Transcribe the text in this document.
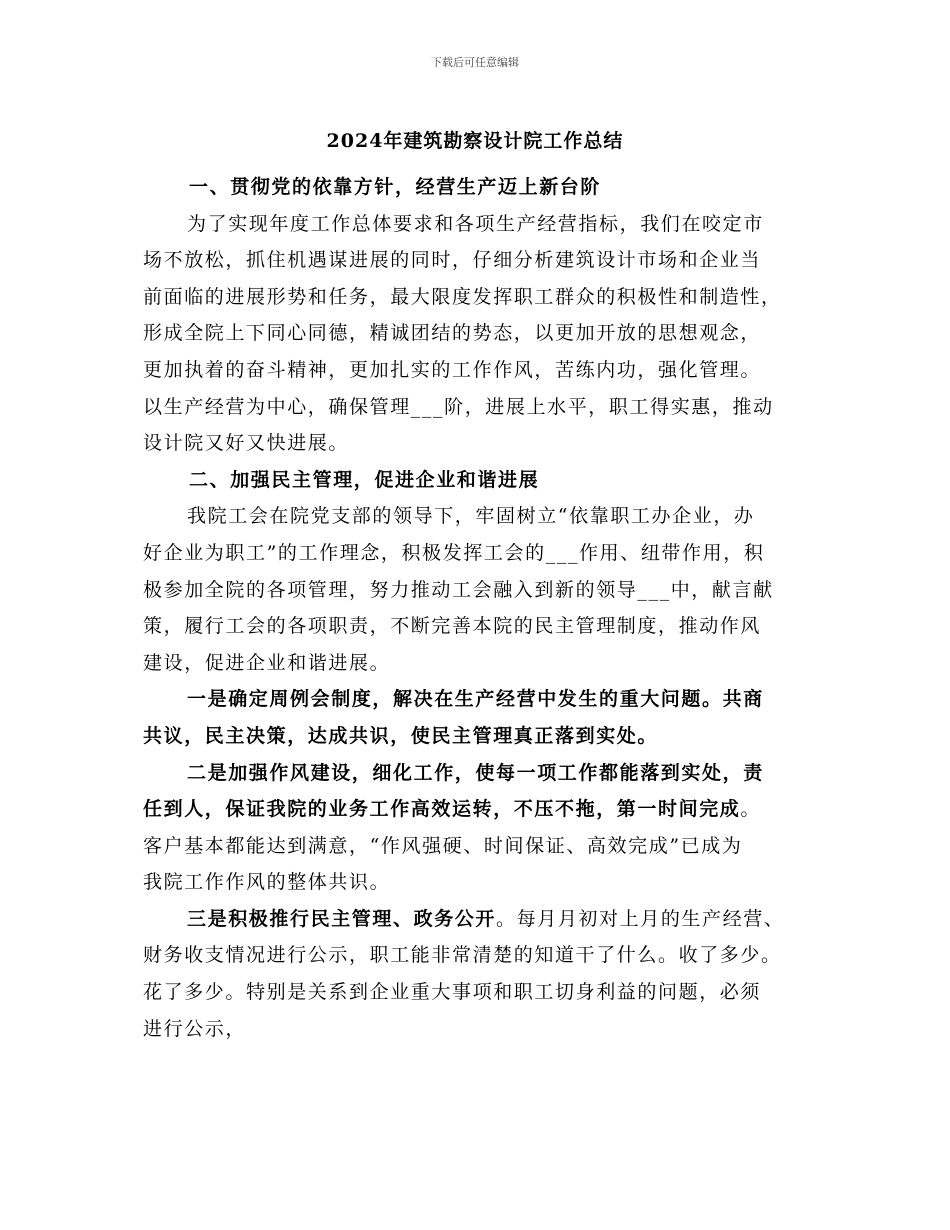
下载后可任意编辑
2024年建筑勘察设计院工作总结
一、贯彻党的依靠方针，经营生产迈上新台阶
为了实现年度工作总体要求和各项生产经营指标，我们在咬定市
场不放松，抓住机遇谋进展的同时，仔细分析建筑设计市场和企业当
前面临的进展形势和任务，最大限度发挥职工群众的积极性和制造性，
形成全院上下同心同德，精诚团结的势态，以更加开放的思想观念，
更加执着的奋斗精神，更加扎实的工作作风，苦练内功，强化管理。
以生产经营为中心，确保管理___阶，进展上水平，职工得实惠，推动
设计院又好又快进展。
二、加强民主管理，促进企业和谐进展
我院工会在院党支部的领导下，牢固树立“依靠职工办企业，办
好企业为职工”的工作理念，积极发挥工会的___作用、纽带作用，积
极参加全院的各项管理，努力推动工会融入到新的领导___中，献言献
策，履行工会的各项职责，不断完善本院的民主管理制度，推动作风
建设，促进企业和谐进展。
一是确定周例会制度，解决在生产经营中发生的重大问题。共商
共议，民主决策，达成共识，使民主管理真正落到实处。
二是加强作风建设，细化工作，使每一项工作都能落到实处，责
任到人，保证我院的业务工作高效运转，不压不拖，第一时间完成。
客户基本都能达到满意，“作风强硬、时间保证、高效完成”已成为
我院工作作风的整体共识。
三是积极推行民主管理、政务公开。每月月初对上月的生产经营、
财务收支情况进行公示，职工能非常清楚的知道干了什么。收了多少。
花了多少。特别是关系到企业重大事项和职工切身利益的问题，必须
进行公示，
